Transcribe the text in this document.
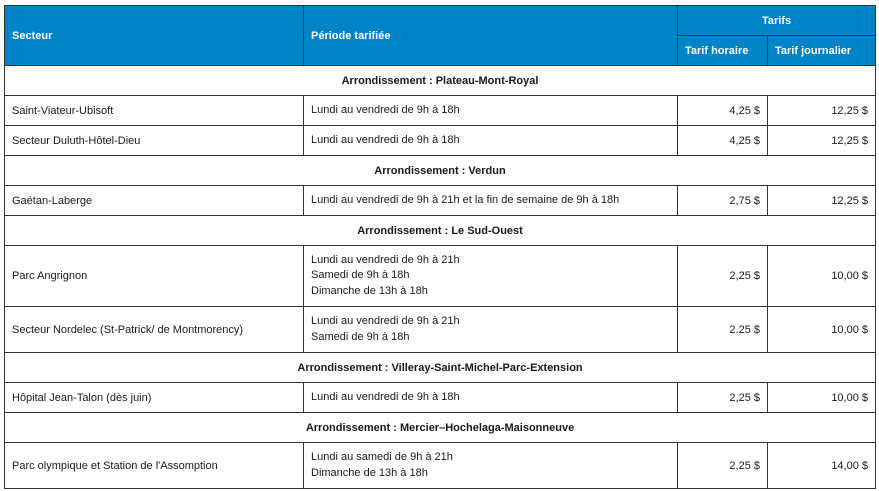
Secteur	Période tarifiée	Tarifs	
		Tarif horaire	Tarif journalier
Arrondissement : Plateau-Mont-Royal			
Saint-Viateur-Ubisoft	Lundi au vendredi de 9h à 18h	4,25 $	12,25 $
Secteur Duluth-Hôtel-Dieu	Lundi au vendredi de 9h à 18h	4,25 $	12,25 $
Arrondissement : Verdun			
Gaétan-Laberge	Lundi au vendredi de 9h à 21h et la fin de semaine de 9h à 18h	2,75 $	12,25 $
Arrondissement : Le Sud-Ouest			
Parc Angrignon	Lundi au vendredi de 9h à 21h
Samedi de 9h à 18h
Dimanche de 13h à 18h	2,25 $	10,00 $
Secteur Nordelec (St-Patrick/ de Montmorency)	Lundi au vendredi de 9h à 21h
Samedi de 9h à 18h	2.25 $	10,00 $
Arrondissement : Villeray-Saint-Michel-Parc-Extension			
Hôpital Jean-Talon (dès juin)	Lundi au vendredi de 9h à 18h	2,25 $	10,00 $
Arrondissement : Mercier–Hochelaga-Maisonneuve			
Parc olympique et Station de l'Assomption	Lundi au samedi de 9h à 21h
Dimanche de 13h à 18h	2,25 $	14,00 $
